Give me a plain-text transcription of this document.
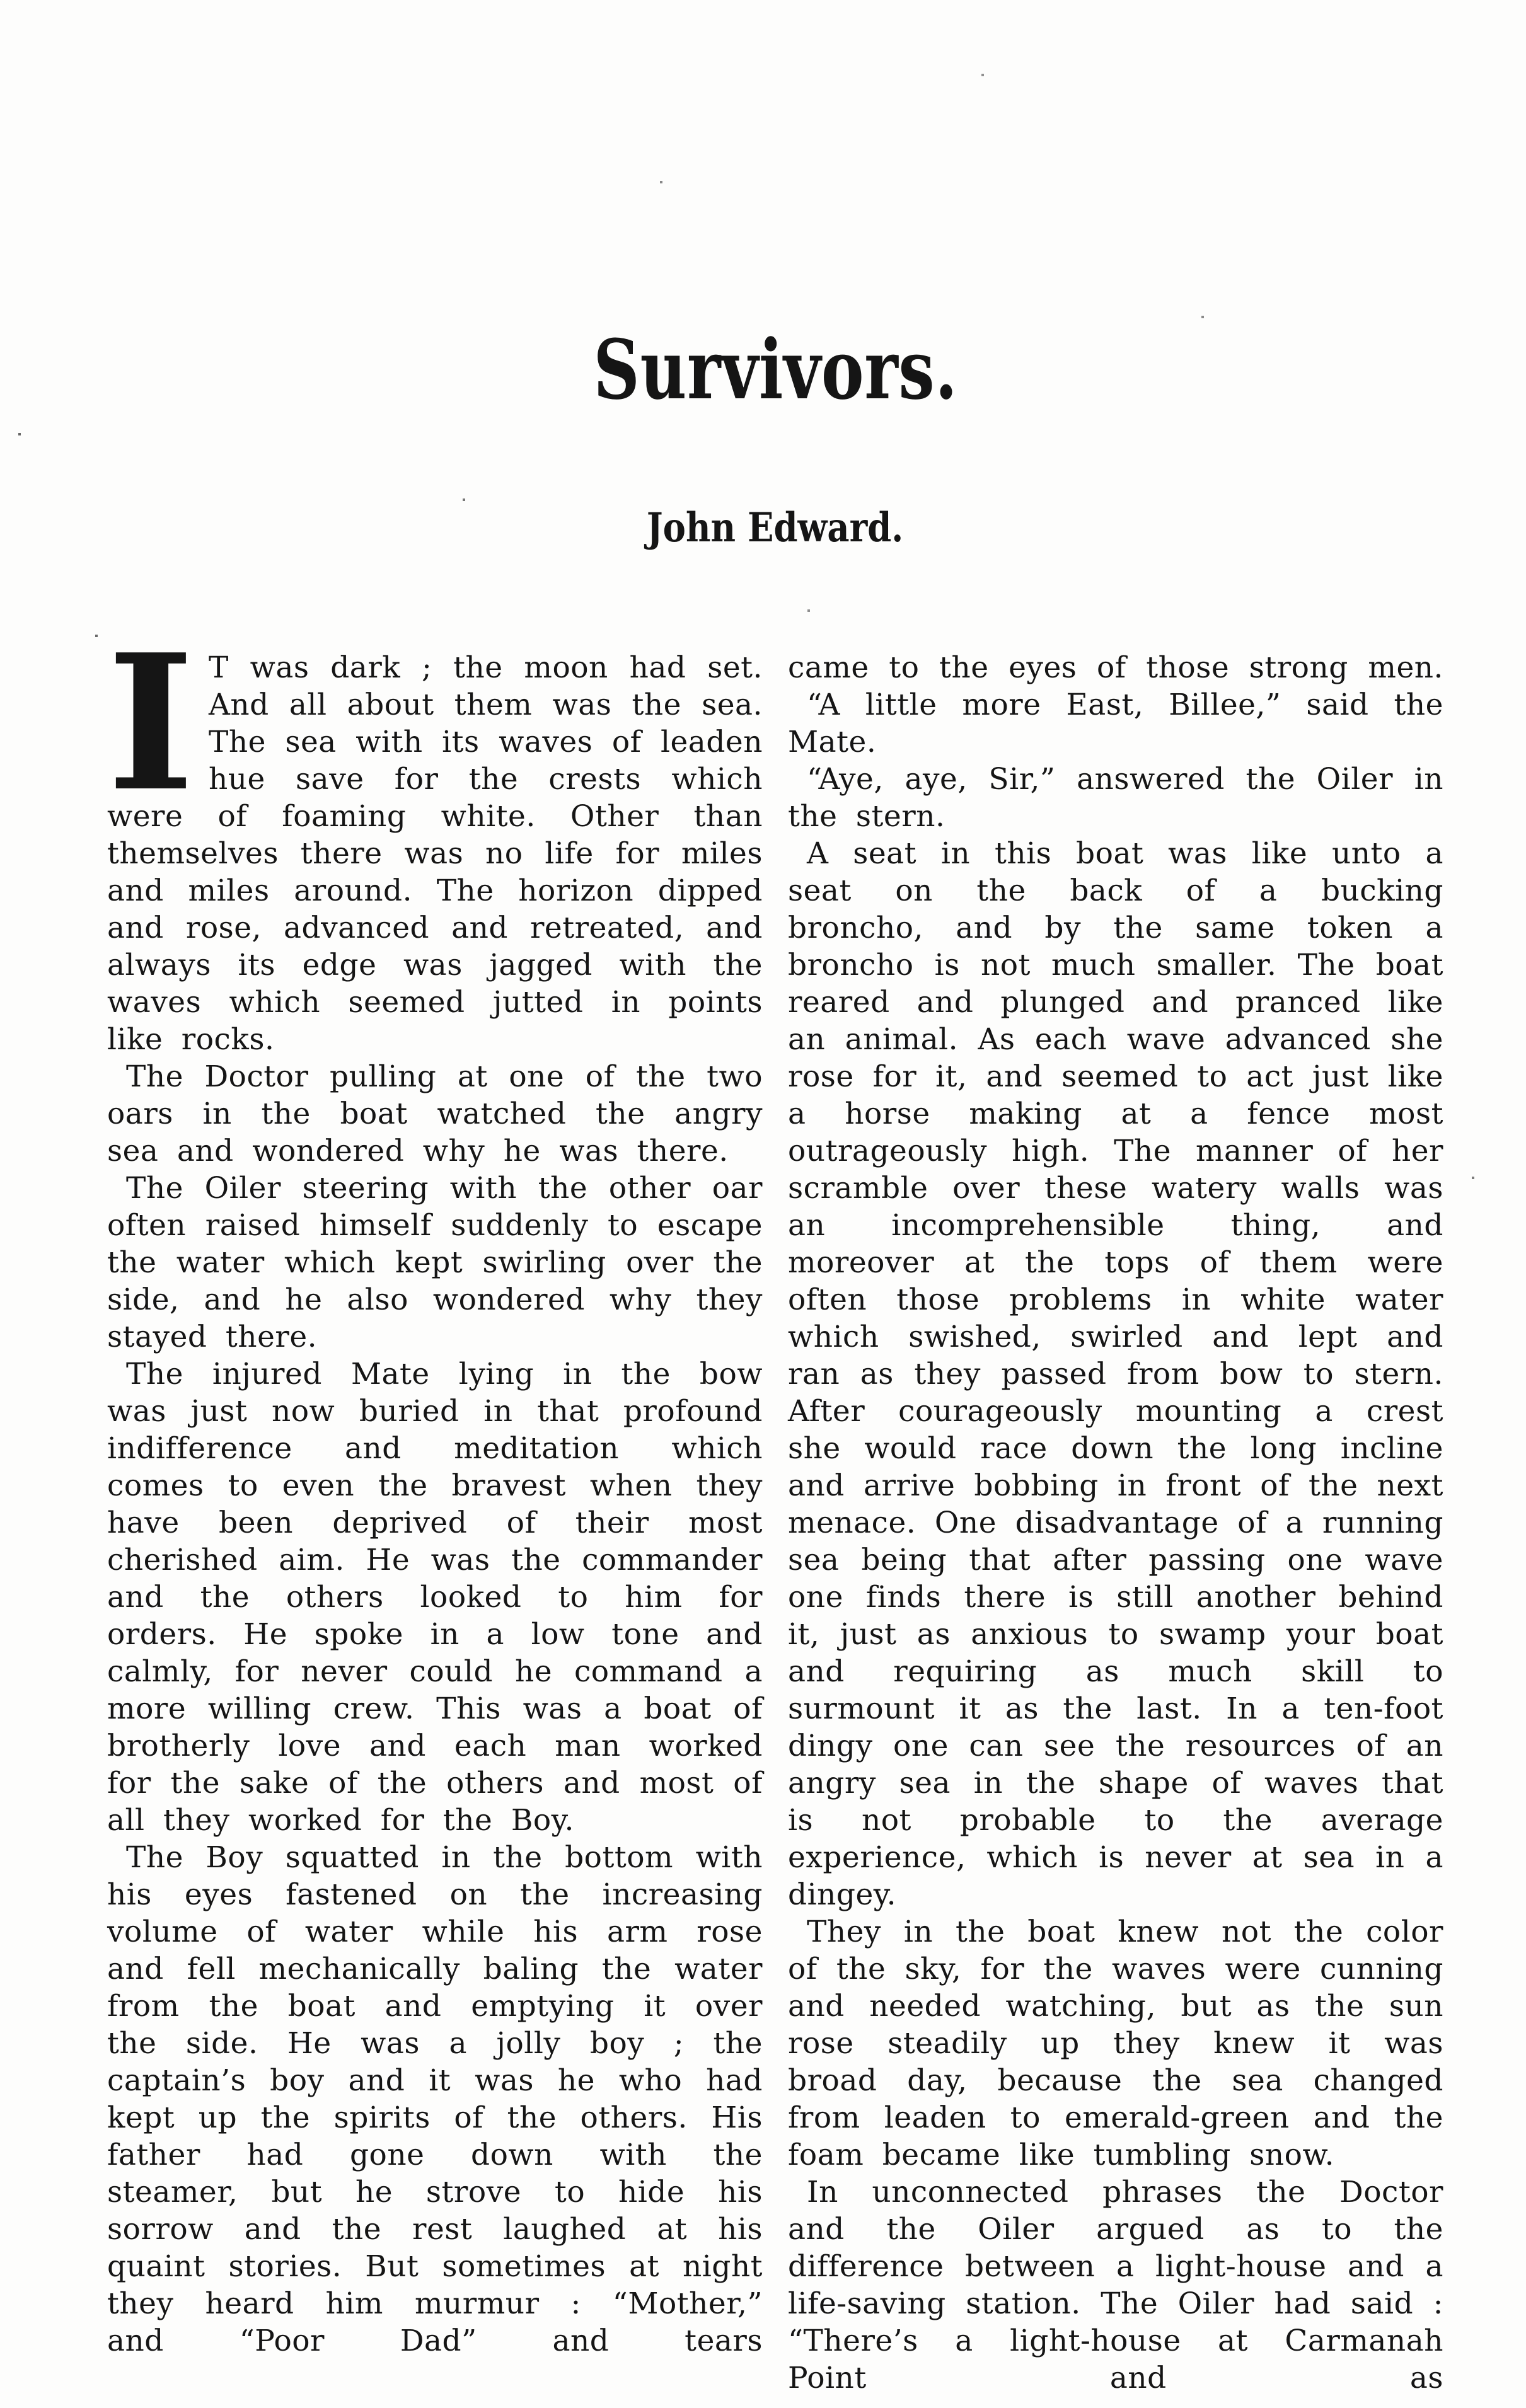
Survivors.
John Edward.

I T was dark ; the moon had set. And all about them was the sea. The sea with its waves of leaden hue save for the crests which were of foaming white. Other than themselves there was no life for miles and miles around. The horizon dipped and rose, advanced and retreated, and always its edge was jagged with the waves which seemed jutted in points like rocks.

The Doctor pulling at one of the two oars in the boat watched the angry sea and wondered why he was there.

The Oiler steering with the other oar often raised himself suddenly to escape the water which kept swirling over the side, and he also wondered why they stayed there.

The injured Mate lying in the bow was just now buried in that profound indifference and meditation which comes to even the bravest when they have been deprived of their most cherished aim. He was the commander and the others looked to him for orders. He spoke in a low tone and calmly, for never could he command a more willing crew. This was a boat of brotherly love and each man worked for the sake of the others and most of all they worked for the Boy.

The Boy squatted in the bottom with his eyes fastened on the increasing volume of water while his arm rose and fell mechanically baling the water from the boat and emptying it over the side. He was a jolly boy ; the captain’s boy and it was he who had kept up the spirits of the others. His father had gone down with the steamer, but he strove to hide his sorrow and the rest laughed at his quaint stories. But sometimes at night they heard him murmur : “Mother,” and “Poor Dad” and tears

came to the eyes of those strong men.

“A little more East, Billee,” said the Mate.

“Aye, aye, Sir,” answered the Oiler in the stern.

A seat in this boat was like unto a seat on the back of a bucking broncho, and by the same token a broncho is not much smaller. The boat reared and plunged and pranced like an animal. As each wave advanced she rose for it, and seemed to act just like a horse making at a fence most outrageously high. The manner of her scramble over these watery walls was an incomprehensible thing, and moreover at the tops of them were often those problems in white water which swished, swirled and lept and ran as they passed from bow to stern. After courageously mounting a crest she would race down the long incline and arrive bobbing in front of the next menace. One disadvantage of a running sea being that after passing one wave one finds there is still another behind it, just as anxious to swamp your boat and requiring as much skill to surmount it as the last. In a ten-foot dingy one can see the resources of an angry sea in the shape of waves that is not probable to the average experience, which is never at sea in a dingey.

They in the boat knew not the color of the sky, for the waves were cunning and needed watching, but as the sun rose steadily up they knew it was broad day, because the sea changed from leaden to emerald-green and the foam became like tumbling snow.

In unconnected phrases the Doctor and the Oiler argued as to the difference between a light-house and a life-saving station. The Oiler had said : “There’s a light-house at Carmanah Point and as
